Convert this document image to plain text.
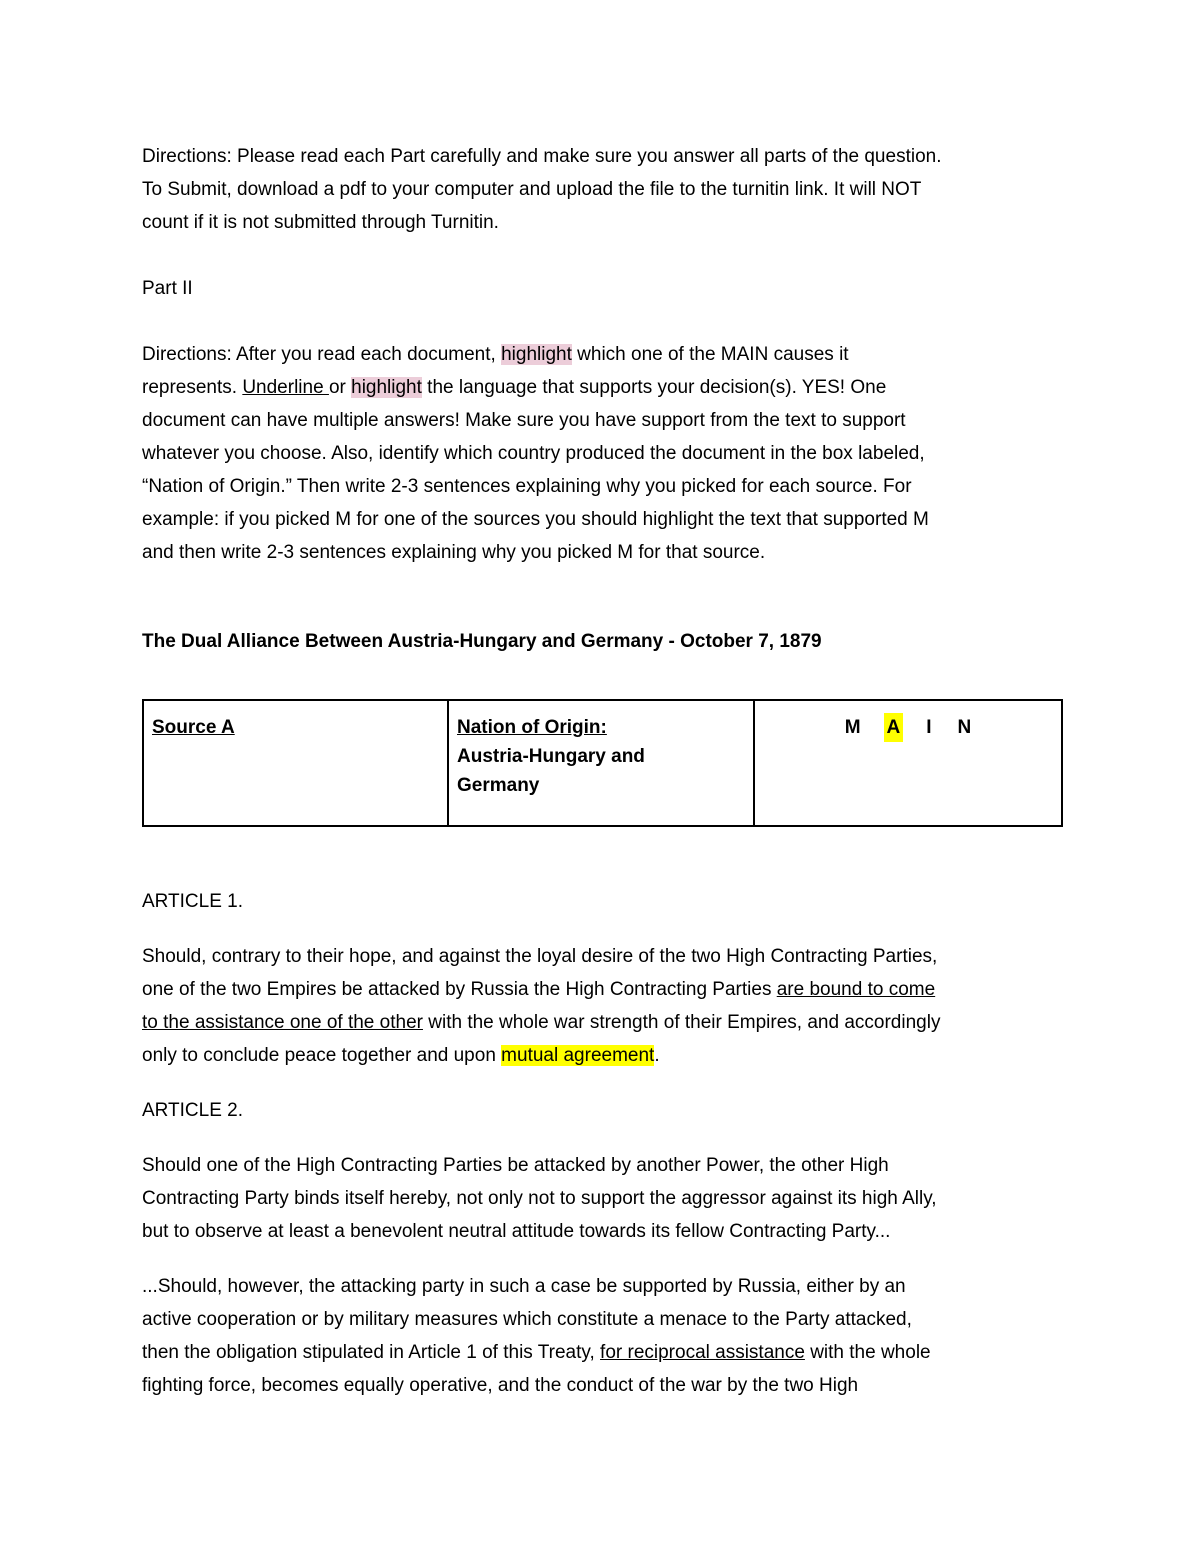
Directions: Please read each Part carefully and make sure you answer all parts of the question.

To Submit, download a pdf to your computer and upload the file to the turnitin link. It will NOT

count if it is not submitted through Turnitin.

Part II

Directions: After you read each document, highlight which one of the MAIN causes it

represents. Underline or highlight the language that supports your decision(s). YES! One

document can have multiple answers! Make sure you have support from the text to support

whatever you choose. Also, identify which country produced the document in the box labeled,

“Nation of Origin.” Then write 2-3 sentences explaining why you picked for each source. For

example: if you picked M for one of the sources you should highlight the text that supported M

and then write 2-3 sentences explaining why you picked M for that source.

The Dual Alliance Between Austria-Hungary and Germany - October 7, 1879

Source A	Nation of Origin:
Austria-Hungary and
Germany	M A I N

ARTICLE 1.

Should, contrary to their hope, and against the loyal desire of the two High Contracting Parties,

one of the two Empires be attacked by Russia the High Contracting Parties are bound to come

to the assistance one of the other with the whole war strength of their Empires, and accordingly

only to conclude peace together and upon mutual agreement.

ARTICLE 2.

Should one of the High Contracting Parties be attacked by another Power, the other High

Contracting Party binds itself hereby, not only not to support the aggressor against its high Ally,

but to observe at least a benevolent neutral attitude towards its fellow Contracting Party...

...Should, however, the attacking party in such a case be supported by Russia, either by an

active cooperation or by military measures which constitute a menace to the Party attacked,

then the obligation stipulated in Article 1 of this Treaty, for reciprocal assistance with the whole

fighting force, becomes equally operative, and the conduct of the war by the two High
